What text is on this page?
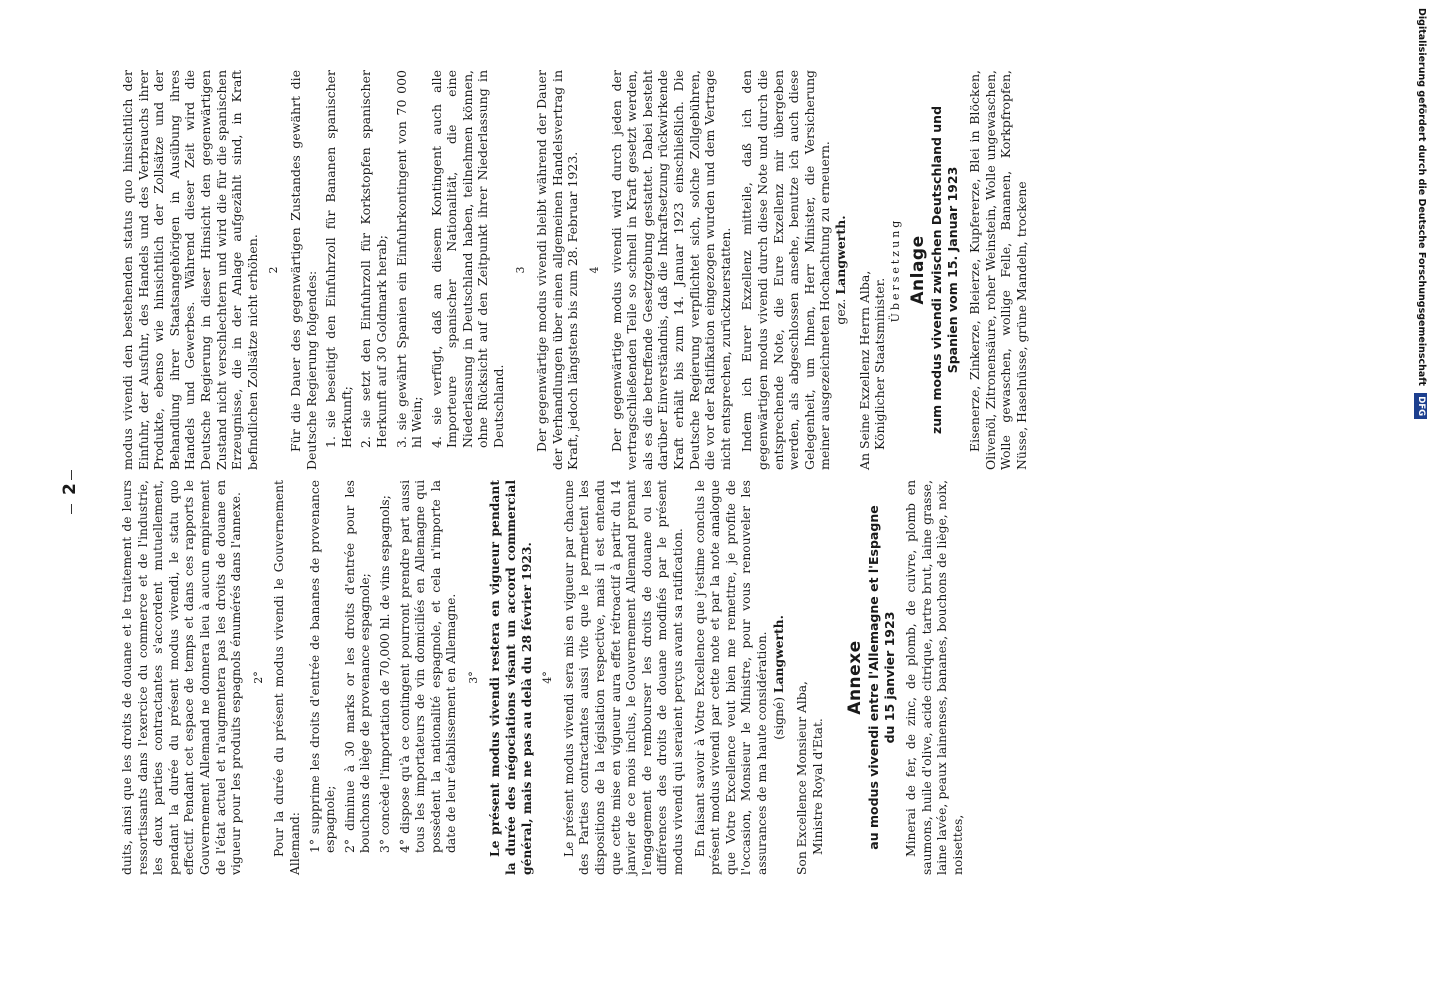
Digitalisierung gefördert durch die Deutsche Forschungsgemeinschaft DFG
2	duits, ainsi que les droits de douane et le traitement de leurs ressortissants dans l'exercice du commerce et de l'industrie, les deux parties contractantes s'accordent mutuellement, pendant la durée du présent modus vivendi, le statu quo effectif. Pendant cet espace de temps et dans ces rapports le Gouvernement Allemand ne donnera lieu à aucun empirement de l'état actuel et n'augmentera pas les droits de douane en vigueur pour les produits espagnols énumérés dans l'annexe. 2° Pour la durée du présent modus vivendi le Gouvernement Allemand: 1° supprime les droits d'entrée de bananes de provenance espagnole; 2° diminue à 30 marks or les droits d'entrée pour les bouchons de liège de provenance espagnole; 3° concède l'importation de 70,000 hl. de vins espagnols; 4° dispose qu'à ce contingent pourront prendre part aussi tous les importateurs de vin domiciliés en Allemagne qui possèdent la nationalité espagnole, et cela n'importe la date de leur établissement en Allemagne. 3° Le présent modus vivendi restera en vigueur pendant la durée des négociations visant un accord commercial général, mais ne pas au delà du 28 février 1923. 4° Le présent modus vivendi sera mis en vigueur par chacune des Parties contractantes aussi vite que le permettent les dispositions de la législation respective, mais il est entendu que cette mise en vigueur aura effet rétroactif à partir du 14 janvier de ce mois inclus, le Gouvernement Allemand prenant l'engagement de rembourser les droits de douane ou les différences des droits de douane modifiés par le présent modus vivendi qui seraient perçus avant sa ratification. En faisant savoir à Votre Excellence que j'estime conclus le présent modus vivendi par cette note et par la note analogue que Votre Excellence veut bien me remettre, je profite de l'occasion, Monsieur le Ministre, pour vous renouveler les assurances de ma haute considération. (signé) Langwerth.

Son Excellence Monsieur Alba, Ministre Royal d'Etat.

Annexe au modus vivendi entre l'Allemagne et l'Espagne du 15 janvier 1923 Minerai de fer, de zinc, de plomb, de cuivre, plomb en saumons, huile d'olive, acide citrique, tartre brut, laine grasse, laine lavée, peaux lainenses, bananes, bouchons de liège, noix, noisettes,

modus vivendi den bestehenden status quo hinsichtlich der Einfuhr, der Ausfuhr, des Handels und des Verbrauchs ihrer Produkte, ebenso wie hinsichtlich der Zollsätze und der Behandlung ihrer Staatsangehörigen in Ausübung ihres Handels und Gewerbes. Während dieser Zeit wird die Deutsche Regierung in dieser Hinsicht den gegenwärtigen Zustand nicht verschlechtern und wird die für die spanischen Erzeugnisse, die in der Anlage aufgezählt sind, in Kraft befindlichen Zollsätze nicht erhöhen. 2 Für die Dauer des gegenwärtigen Zustandes gewährt die Deutsche Regierung folgendes: 1. sie beseitigt den Einfuhrzoll für Bananen spanischer Herkunft; 2. sie setzt den Einfuhrzoll für Korkstopfen spanischer Herkunft auf 30 Goldmark herab; 3. sie gewährt Spanien ein Einfuhrkontingent von 70 000 hl Wein; 4. sie verfügt, daß an diesem Kontingent auch alle Importeure spanischer Nationalität, die eine Niederlassung in Deutschland haben, teilnehmen können, ohne Rücksicht auf den Zeitpunkt ihrer Niederlassung in Deutschland.

3 Der gegenwärtige modus vivendi bleibt während der Dauer der Verhandlungen über einen allgemeinen Handelsvertrag in Kraft, jedoch längstens bis zum 28. Februar 1923. 4 Der gegenwärtige modus vivendi wird durch jeden der vertragschließenden Teile so schnell in Kraft gesetzt werden, als es die betreffende Gesetzgebung gestattet. Dabei besteht darüber Einverständnis, daß die Inkraftsetzung rückwirkende Kraft erhält bis zum 14. Januar 1923 einschließlich. Die Deutsche Regierung verpflichtet sich, solche Zollgebühren, die vor der Ratifikation eingezogen wurden und dem Vertrage nicht entsprechen, zurückzuerstatten. Indem ich Eurer Exzellenz mitteile, daß ich den gegenwärtigen modus vivendi durch diese Note und durch die entsprechende Note, die Eure Exzellenz mir übergeben werden, als abgeschlossen ansehe, benutze ich auch diese Gelegenheit, um Ihnen, Herr Minister, die Versicherung meiner ausgezeichneten Hochachtung zu erneuern. gez. Langwerth.

An Seine Exzellenz Herrn Alba, Königlicher Staatsminister.

Übersetzung Anlage zum modus vivendi zwischen Deutschland und Spanien vom 15. Januar 1923 Eisenerze, Zinkerze, Bleierze, Kupfererze, Blei in Blöcken, Olivenöl, Zitronensäure, roher Weinstein, Wolle ungewaschen, Wolle gewaschen, wollige Felle, Bananen, Korkpfropfen, Nüsse, Haselnüsse, grüne Mandeln, trockene
